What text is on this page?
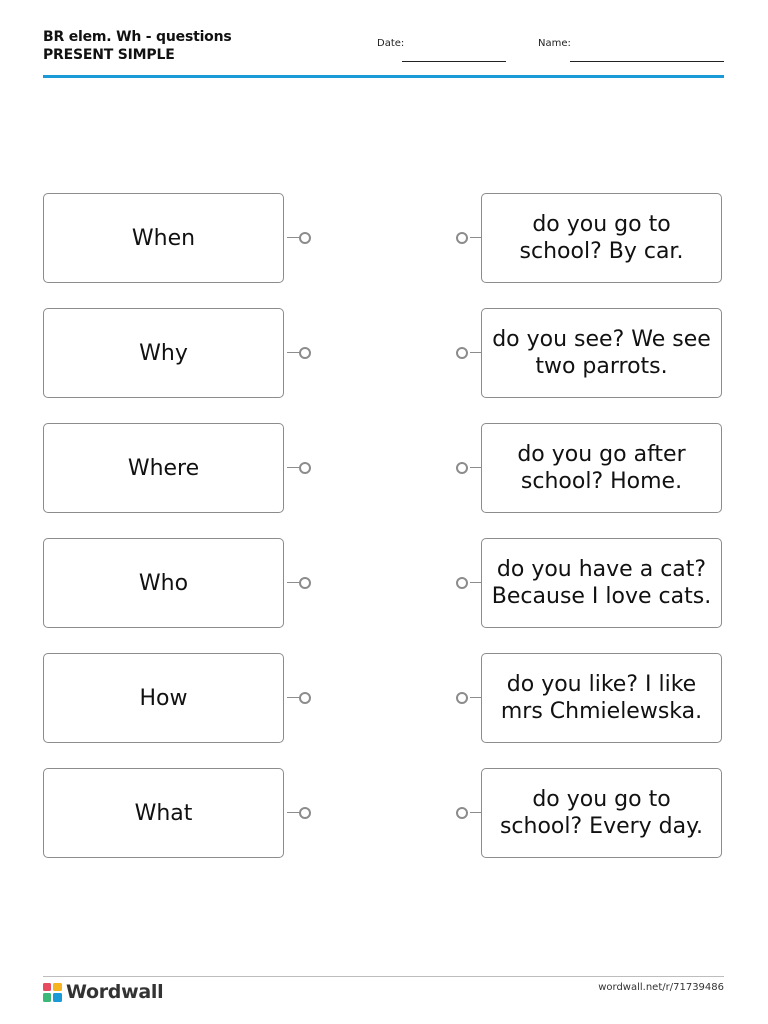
BR elem. Wh - questions PRESENT SIMPLE
Date:	Name:
When
do you go to school? By car.
Why
do you see? We see two parrots.
Where
do you go after school? Home.
Who
do you have a cat? Because I love cats.
How
do you like? I like mrs Chmielewska.
What
do you go to school? Every day.
Wordwall	wordwall.net/r/71739486
